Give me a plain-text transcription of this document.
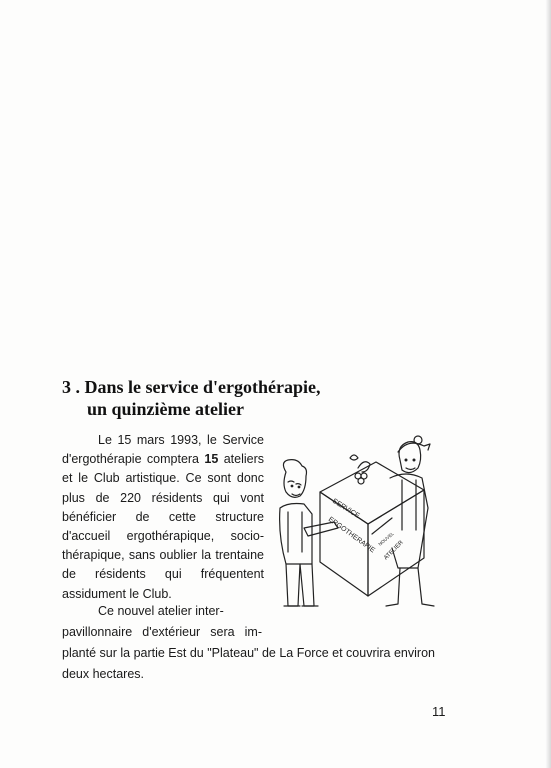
3 . Dans le service d'ergothérapie,
un quinzième atelier

Le 15 mars 1993, le Service d'ergothérapie comptera 15 ateliers et le Club artistique. Ce sont donc plus de 220 résidents qui vont bénéficier de cette structure d'accueil ergothérapique, socio-thérapique, sans oublier la trentaine de résidents qui fréquentent assidument le Club.

SERVICE
ERGOTHERAPIE NOUVEL
ATELIER
Ce nouvel atelier inter-
pavillonnaire d'extérieur sera im-
planté sur la partie Est du "Plateau" de La Force et couvrira environ
deux hectares.
11
